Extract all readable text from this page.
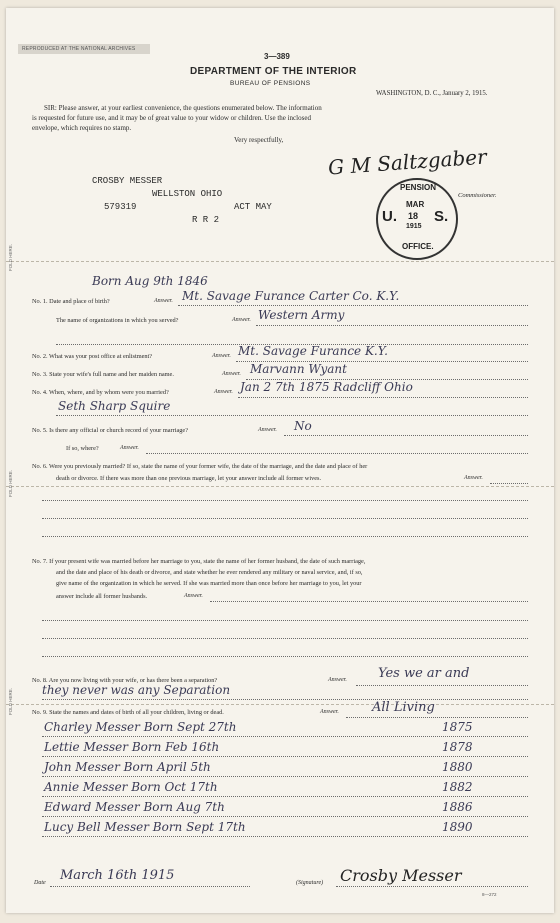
REPRODUCED AT THE NATIONAL ARCHIVES
3—389
DEPARTMENT OF THE INTERIOR
BUREAU OF PENSIONS
WASHINGTON, D. C., January 2, 1915.
SIR: Please answer, at your earliest convenience, the questions enumerated below. The information
is requested for future use, and it may be of great value to your widow or children. Use the inclosed
envelope, which requires no stamp.
Very respectfully,
G M Saltzgaber
Commissioner.
PENSION
U. S.
MAR
18
1915
OFFICE.
CROSBY MESSER
WELLSTON OHIO
579319	ACT MAY
R R 2
FOLD HERE.
FOLD HERE.
FOLD HERE.
Born Aug 9th 1846
No. 1. Date and place of birth?	Answer. Mt. Savage Furance Carter Co. K.Y.
The name of organizations in which you served?	Answer. Western Army
No. 2. What was your post office at enlistment?	Answer. Mt. Savage Furance K.Y.
No. 3. State your wife's full name and her maiden name.	Answer. Marvann Wyant
No. 4. When, where, and by whom were you married?	Answer. Jan 2 7th 1875 Radcliff Ohio
Seth Sharp Squire
No. 5. Is there any official or church record of your marriage?	Answer. No
If so, where?	Answer.
No. 6. Were you previously married? If so, state the name of your former wife, the date of the marriage, and the date and place of her
death or divorce. If there was more than one previous marriage, let your answer include all former wives.	Answer.
No. 7. If your present wife was married before her marriage to you, state the name of her former husband, the date of such marriage,
and the date and place of his death or divorce, and state whether he ever rendered any military or naval service, and, if so,
give name of the organization in which he served. If she was married more than once before her marriage to you, let your
answer include all former husbands.	Answer.
No. 8. Are you now living with your wife, or has there been a separation?	Answer. Yes we ar and
they never was any Separation
No. 9. State the names and dates of birth of all your children, living or dead.	Answer.	All Living
Charley Messer Born Sept 27th	1875
Lettie Messer Born Feb 16th	1878
John Messer Born April 5th	1880
Annie Messer Born Oct 17th	1882
Edward Messer Born Aug 7th	1886
Lucy Bell Messer Born Sept 17th	1890
Date March 16th 1915	(Signature) Crosby Messer
8—272
